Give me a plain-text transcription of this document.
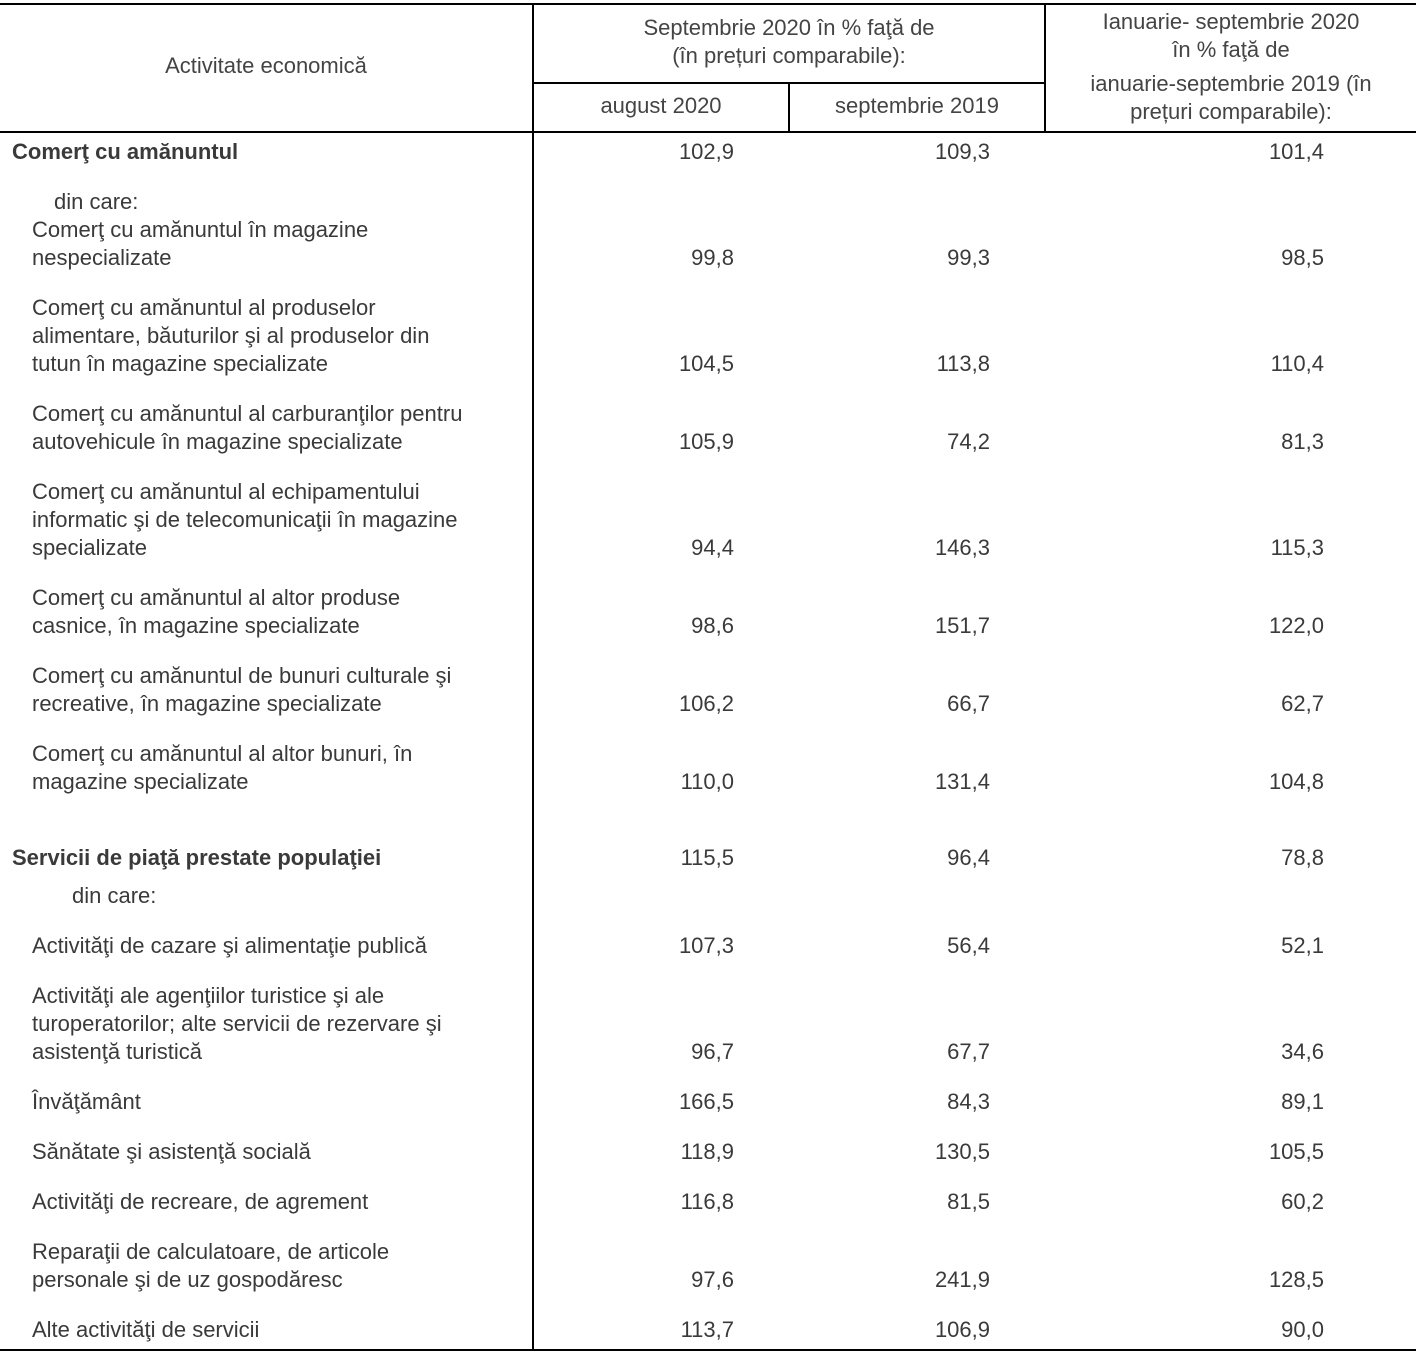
Activitate economică
Septembrie 2020 în % faţă de
(în prețuri comparabile):
august 2020	septembrie 2019
Ianuarie- septembrie 2020
în % faţă de
ianuarie-septembrie 2019 (în
prețuri comparabile):
Comerţ cu amănuntul	102,9	109,3	101,4
din care:
Comerţ cu amănuntul în magazine
nespecializate	99,8	99,3	98,5
Comerţ cu amănuntul al produselor
alimentare, băuturilor şi al produselor din
tutun în magazine specializate	104,5	113,8	110,4
Comerţ cu amănuntul al carburanţilor pentru
autovehicule în magazine specializate	105,9	74,2	81,3
Comerţ cu amănuntul al echipamentului
informatic şi de telecomunicaţii în magazine
specializate	94,4	146,3	115,3
Comerţ cu amănuntul al altor produse
casnice, în magazine specializate	98,6	151,7	122,0
Comerţ cu amănuntul de bunuri culturale şi
recreative, în magazine specializate	106,2	66,7	62,7
Comerţ cu amănuntul al altor bunuri, în
magazine specializate	110,0	131,4	104,8
Servicii de piaţă prestate populaţiei	115,5	96,4	78,8
din care:
Activităţi de cazare şi alimentaţie publică	107,3	56,4	52,1
Activităţi ale agenţiilor turistice şi ale
turoperatorilor; alte servicii de rezervare şi
asistenţă turistică	96,7	67,7	34,6
Învăţământ	166,5	84,3	89,1
Sănătate şi asistenţă socială	118,9	130,5	105,5
Activităţi de recreare, de agrement	116,8	81,5	60,2
Reparaţii de calculatoare, de articole
personale şi de uz gospodăresc	97,6	241,9	128,5
Alte activităţi de servicii	113,7	106,9	90,0
